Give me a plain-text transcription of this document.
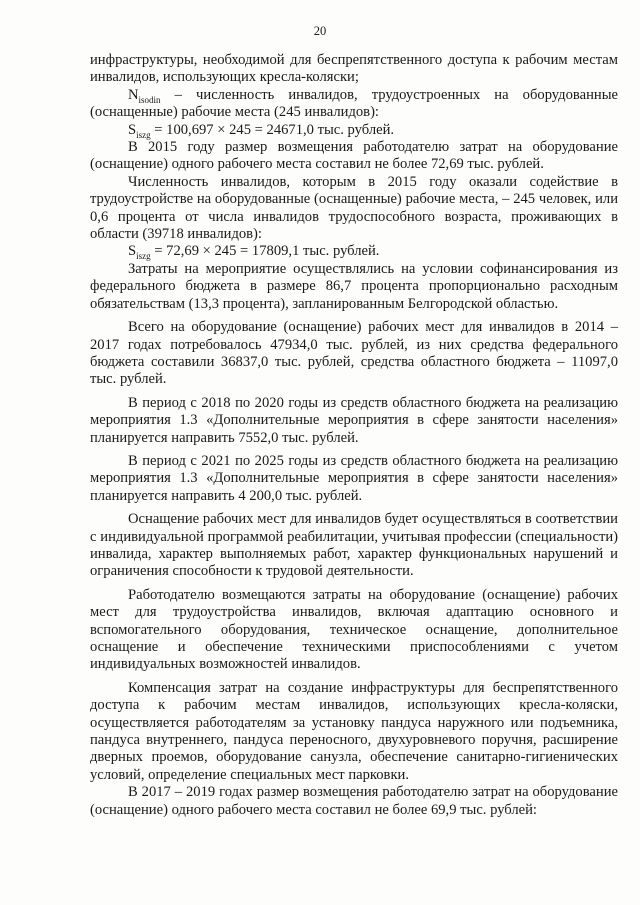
20

инфраструктуры, необходимой для беспрепятственного доступа к рабочим местам инвалидов, использующих кресла-коляски;

$N_{isodin}$ – численность инвалидов, трудоустроенных на оборудованные (оснащенные) рабочие места (245 инвалидов):

$S_{iszg} = 100,697 \times 245 = 24671,0$ тыс. рублей.

В 2015 году размер возмещения работодателю затрат на оборудование (оснащение) одного рабочего места составил не более 72,69 тыс. рублей.

Численность инвалидов, которым в 2015 году оказали содействие в трудоустройстве на оборудованные (оснащенные) рабочие места, – 245 человек, или 0,6 процента от числа инвалидов трудоспособного возраста, проживающих в области (39718 инвалидов):

$S_{iszg} = 72,69 \times 245 = 17809,1$ тыс. рублей.

Затраты на мероприятие осуществлялись на условии софинансирования из федерального бюджета в размере 86,7 процента пропорционально расходным обязательствам (13,3 процента), запланированным Белгородской областью.

Всего на оборудование (оснащение) рабочих мест для инвалидов в 2014 – 2017 годах потребовалось 47934,0 тыс. рублей, из них средства федерального бюджета составили 36837,0 тыс. рублей, средства областного бюджета – 11097,0 тыс. рублей.

В период с 2018 по 2020 годы из средств областного бюджета на реализацию мероприятия 1.3 «Дополнительные мероприятия в сфере занятости населения» планируется направить 7552,0 тыс. рублей.

В период с 2021 по 2025 годы из средств областного бюджета на реализацию мероприятия 1.3 «Дополнительные мероприятия в сфере занятости населения» планируется направить 4 200,0 тыс. рублей.

Оснащение рабочих мест для инвалидов будет осуществляться в соответствии с индивидуальной программой реабилитации, учитывая профессии (специальности) инвалида, характер выполняемых работ, характер функциональных нарушений и ограничения способности к трудовой деятельности.

Работодателю возмещаются затраты на оборудование (оснащение) рабочих мест для трудоустройства инвалидов, включая адаптацию основного и вспомогательного оборудования, техническое оснащение, дополнительное оснащение и обеспечение техническими приспособлениями с учетом индивидуальных возможностей инвалидов.

Компенсация затрат на создание инфраструктуры для беспрепятственного доступа к рабочим местам инвалидов, использующих кресла-коляски, осуществляется работодателям за установку пандуса наружного или подъемника, пандуса внутреннего, пандуса переносного, двухуровневого поручня, расширение дверных проемов, оборудование санузла, обеспечение санитарно-гигиенических условий, определение специальных мест парковки.

В 2017 – 2019 годах размер возмещения работодателю затрат на оборудование (оснащение) одного рабочего места составил не более 69,9 тыс. рублей:
